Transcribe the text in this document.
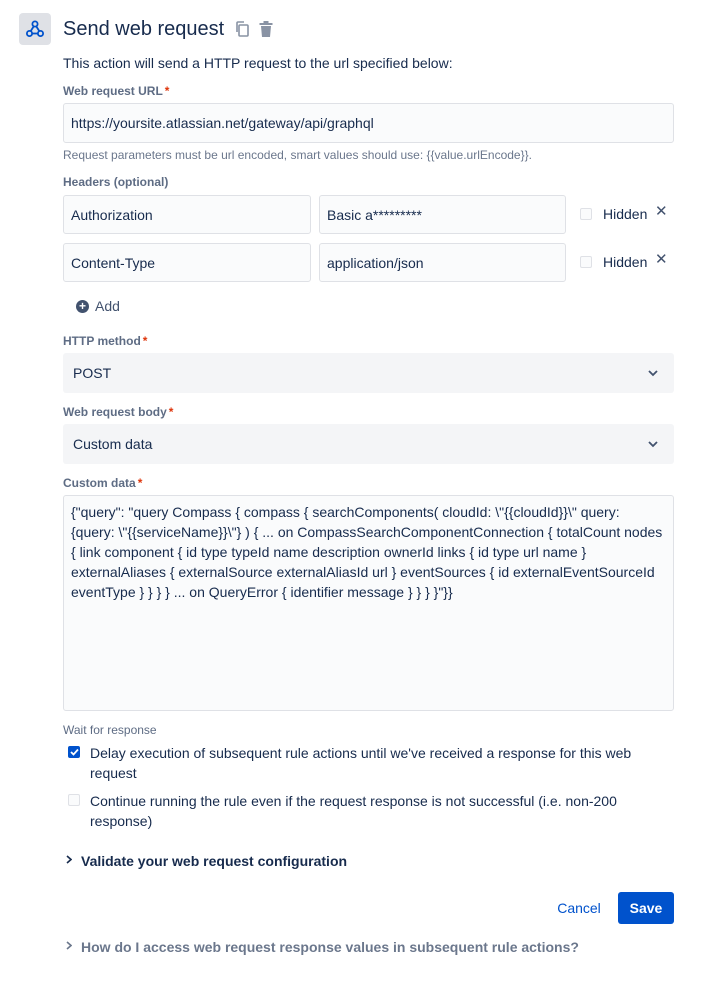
Send web request
This action will send a HTTP request to the url specified below:
Web request URL *
https://yoursite.atlassian.net/gateway/api/graphql
Request parameters must be url encoded, smart values should use: {{value.urlEncode}}.
Headers (optional)
Authorization	Basic a*********	Hidden ✕
Content-Type	application/json	Hidden ✕
+ Add
HTTP method *
POST
Web request body *
Custom data
Custom data *
{"query": "query Compass { compass { searchComponents( cloudId: \"{{cloudId}}\" query: {query: \"{{serviceName}}\"} ) { ... on CompassSearchComponentConnection { totalCount nodes { link component { id type typeId name description ownerId links { id type url name } externalAliases { externalSource externalAliasId url } eventSources { id externalEventSourceId eventType } } } } ... on QueryError { identifier message } } } }"}}
Wait for response
Delay execution of subsequent rule actions until we've received a response for this web request
Continue running the rule even if the request response is not successful (i.e. non-200 response)
Validate your web request configuration
Cancel	Save
How do I access web request response values in subsequent rule actions?
